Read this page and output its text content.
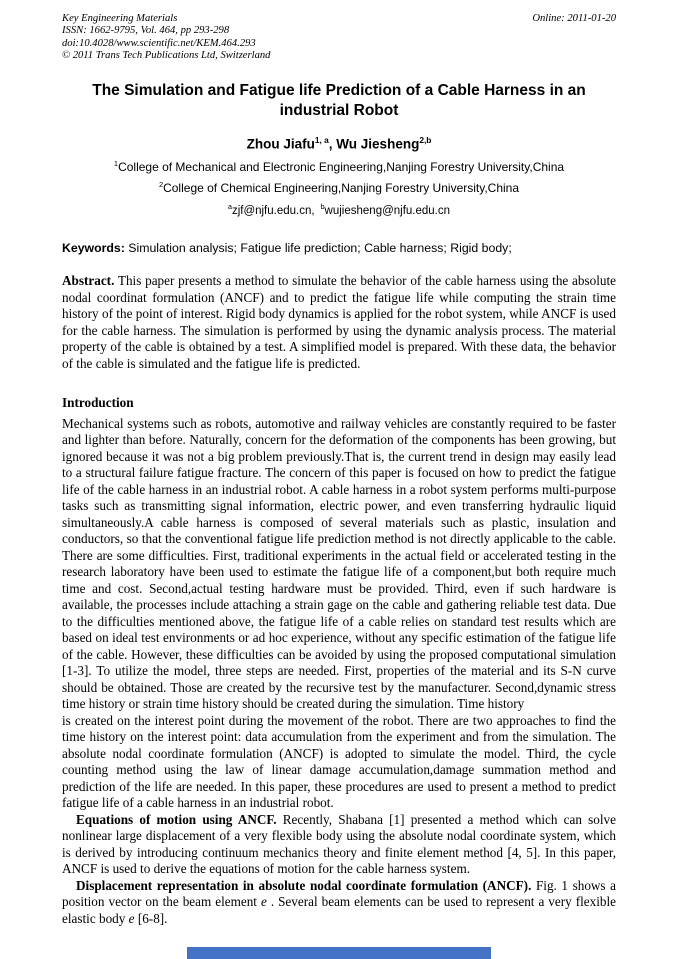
Key Engineering Materials
ISSN: 1662-9795, Vol. 464, pp 293-298
doi:10.4028/www.scientific.net/KEM.464.293
© 2011 Trans Tech Publications Ltd, Switzerland
Online: 2011-01-20
The Simulation and Fatigue life Prediction of a Cable Harness in an industrial Robot
Zhou Jiafu$^{1, a}$, Wu Jiesheng$^{2,b}$
$^1$College of Mechanical and Electronic Engineering,Nanjing Forestry University,China
$^2$College of Chemical Engineering,Nanjing Forestry University,China
$^a$zjf@njfu.edu.cn, $^b$wujiesheng@njfu.edu.cn
Keywords: Simulation analysis; Fatigue life prediction; Cable harness; Rigid body;

Abstract. This paper presents a method to simulate the behavior of the cable harness using the absolute nodal coordinat formulation (ANCF) and to predict the fatigue life while computing the strain time history of the point of interest. Rigid body dynamics is applied for the robot system, while ANCF is used for the cable harness. The simulation is performed by using the dynamic analysis process. The material property of the cable is obtained by a test. A simplified model is prepared. With these data, the behavior of the cable is simulated and the fatigue life is predicted.

Introduction

Mechanical systems such as robots, automotive and railway vehicles are constantly required to be faster and lighter than before. Naturally, concern for the deformation of the components has been growing, but ignored because it was not a big problem previously.That is, the current trend in design may easily lead to a structural failure fatigue fracture. The concern of this paper is focused on how to predict the fatigue life of the cable harness in an industrial robot. A cable harness in a robot system performs multi-purpose tasks such as transmitting signal information, electric power, and even transferring hydraulic liquid simultaneously.A cable harness is composed of several materials such as plastic, insulation and conductors, so that the conventional fatigue life prediction method is not directly applicable to the cable. There are some difficulties. First, traditional experiments in the actual field or accelerated testing in the research laboratory have been used to estimate the fatigue life of a component,but both require much time and cost. Second,actual testing hardware must be provided. Third, even if such hardware is available, the processes include attaching a strain gage on the cable and gathering reliable test data. Due to the difficulties mentioned above, the fatigue life of a cable relies on standard test results which are based on ideal test environments or ad hoc experience, without any specific estimation of the fatigue life of the cable. However, these difficulties can be avoided by using the proposed computational simulation [1-3]. To utilize the model, three steps are needed. First, properties of the material and its S-N curve should be obtained. Those are created by the recursive test by the manufacturer. Second,dynamic stress time history or strain time history should be created during the simulation. Time history

is created on the interest point during the movement of the robot. There are two approaches to find the time history on the interest point: data accumulation from the experiment and from the simulation. The absolute nodal coordinate formulation (ANCF) is adopted to simulate the model. Third, the cycle counting method using the law of linear damage accumulation,damage summation method and prediction of the life are needed. In this paper, these procedures are used to present a method to predict fatigue life of a cable harness in an industrial robot.

Equations of motion using ANCF. Recently, Shabana [1] presented a method which can solve nonlinear large displacement of a very flexible body using the absolute nodal coordinate system, which is derived by introducing continuum mechanics theory and finite element method [4, 5]. In this paper, ANCF is used to derive the equations of motion for the cable harness system.

Displacement representation in absolute nodal coordinate formulation (ANCF). Fig. 1 shows a position vector on the beam element e . Several beam elements can be used to represent a very flexible elastic body e [6-8].
